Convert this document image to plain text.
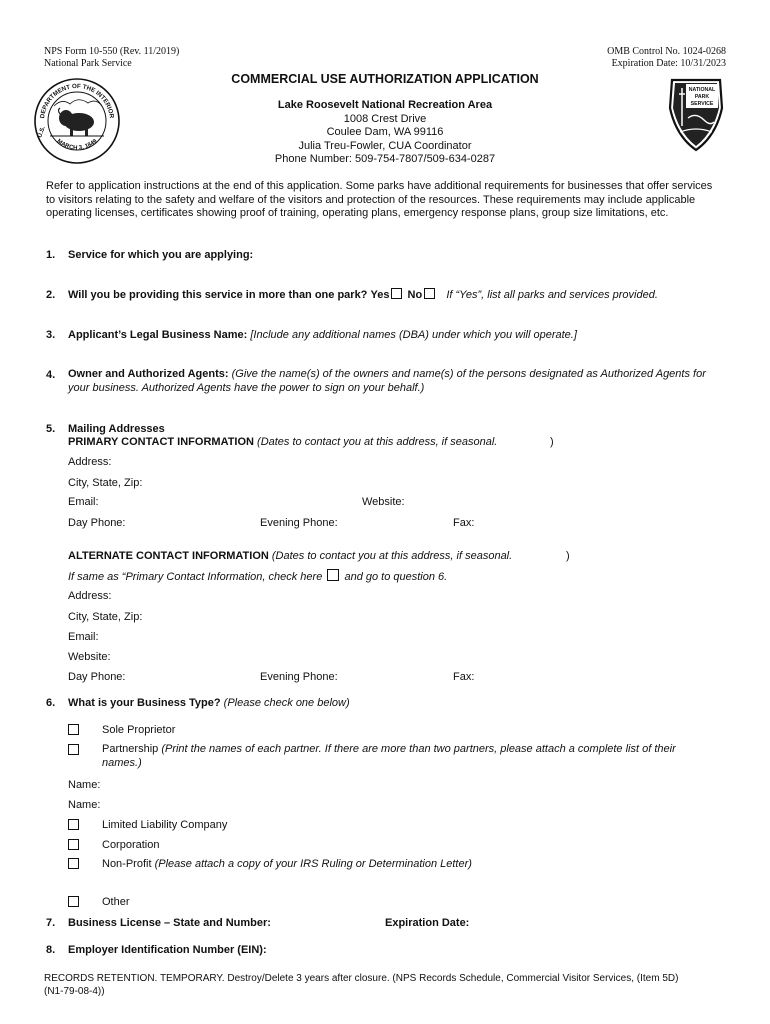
NPS Form 10-550 (Rev. 11/2019)
National Park Service
OMB Control No. 1024-0268
Expiration Date: 10/31/2023
COMMERCIAL USE AUTHORIZATION APPLICATION
DEPARTMENT OF THE INTERIOR
MARCH 3, 1849
U.S.
NATIONAL
PARK
SERVICE
Lake Roosevelt National Recreation Area
1008 Crest Drive
Coulee Dam, WA 99116
Julia Treu-Fowler, CUA Coordinator
Phone Number: 509-754-7807/509-634-0287
Refer to application instructions at the end of this application. Some parks have additional requirements for businesses that offer services to visitors relating to the safety and welfare of the visitors and protection of the resources. These requirements may include applicable operating licenses, certificates showing proof of training, operating plans, emergency response plans, group size limitations, etc.
1. Service for which you are applying:
2. Will you be providing this service in more than one park? Yes No If “Yes”, list all parks and services provided.
3. Applicant’s Legal Business Name: [Include any additional names (DBA) under which you will operate.]
4. Owner and Authorized Agents: (Give the name(s) of the owners and name(s) of the persons designated as Authorized Agents for your business. Authorized Agents have the power to sign on your behalf.)
5. Mailing Addresses
PRIMARY CONTACT INFORMATION (Dates to contact you at this address, if seasonal.	)
Address:
City, State, Zip:
Email:	Website:
Day Phone:	Evening Phone:	Fax:
ALTERNATE CONTACT INFORMATION (Dates to contact you at this address, if seasonal.	)
If same as “Primary Contact Information, check here and go to question 6.
Address:
City, State, Zip:
Email:
Website:
Day Phone:	Evening Phone:	Fax:
6. What is your Business Type? (Please check one below)
Sole Proprietor
Partnership (Print the names of each partner. If there are more than two partners, please attach a complete list of their names.)
Name:
Name:
Limited Liability Company
Corporation
Non-Profit (Please attach a copy of your IRS Ruling or Determination Letter)
Other
7. Business License – State and Number:	Expiration Date:
8. Employer Identification Number (EIN):
RECORDS RETENTION. TEMPORARY. Destroy/Delete 3 years after closure. (NPS Records Schedule, Commercial Visitor Services, (Item 5D) (N1-79-08-4))
